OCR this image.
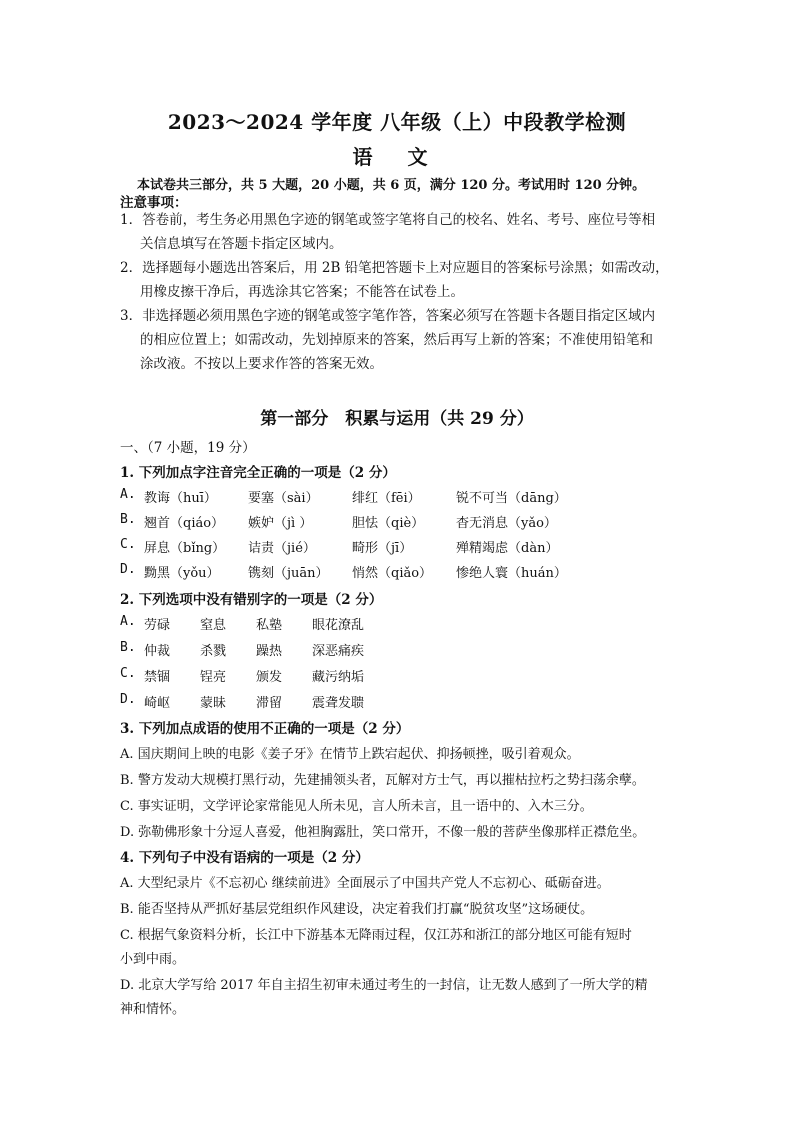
2023～2024 学年度 八年级（上）中段教学检测
语 文
本试卷共三部分，共 5 大题，20 小题，共 6 页，满分 120 分。考试用时 120 分钟。
注意事项：
1．答卷前，考生务必用黑色字迹的钢笔或签字笔将自己的校名、姓名、考号、座位号等相
关信息填写在答题卡指定区域内。
2．选择题每小题选出答案后，用 2B 铅笔把答题卡上对应题目的答案标号涂黑；如需改动，
用橡皮擦干净后，再选涂其它答案；不能答在试卷上。
3．非选择题必须用黑色字迹的钢笔或签字笔作答，答案必须写在答题卡各题目指定区域内
的相应位置上；如需改动，先划掉原来的答案，然后再写上新的答案；不准使用铅笔和
涂改液。不按以上要求作答的答案无效。
第一部分　积累与运用（共 29 分）
一、（7 小题，19 分）
1. 下列加点字注音完全正确的一项是（2 分）
A. 教诲（huī） 要塞（sài）	绯红（fēi）	锐不可当（dāng）
B. 翘首（qiáo） 嫉妒（jì ）	胆怯（qiè） 杳无消息（yǎo）
C. 屏息（bǐng） 诘责（jié）	畸形（jī）	殚精竭虑（dàn）
D. 黝黑（yǒu） 镌刻（juān） 悄然（qiǎo） 惨绝人寰（huán）
2. 下列选项中没有错别字的一项是（2 分）
A. 劳碌 窒息 私塾 眼花潦乱
B. 仲裁 杀戮 躁热 深恶痛疾
C. 禁锢 锃亮 颁发 藏污纳垢
D. 崎岖 蒙昧 滞留 震聋发聩
3. 下列加点成语的使用不正确的一项是（2 分）
A. 国庆期间上映的电影《姜子牙》在情节上跌宕起伏、抑扬顿挫，吸引着观众。
B. 警方发动大规模打黑行动，先建捕领头者，瓦解对方士气，再以摧枯拉朽之势扫荡余孽。
C. 事实证明，文学评论家常能见人所未见，言人所未言，且一语中的、入木三分。
D. 弥勒佛形象十分逗人喜爱，他袒胸露肚，笑口常开，不像一般的菩萨坐像那样正襟危坐。
4. 下列句子中没有语病的一项是（2 分）
A. 大型纪录片《不忘初心 继续前进》全面展示了中国共产党人不忘初心、砥砺奋进。
B. 能否坚持从严抓好基层党组织作风建设，决定着我们打赢“脱贫攻坚”这场硬仗。
C. 根据气象资料分析，长江中下游基本无降雨过程，仅江苏和浙江的部分地区可能有短时
小到中雨。
D. 北京大学写给 2017 年自主招生初审未通过考生的一封信，让无数人感到了一所大学的精
神和情怀。
